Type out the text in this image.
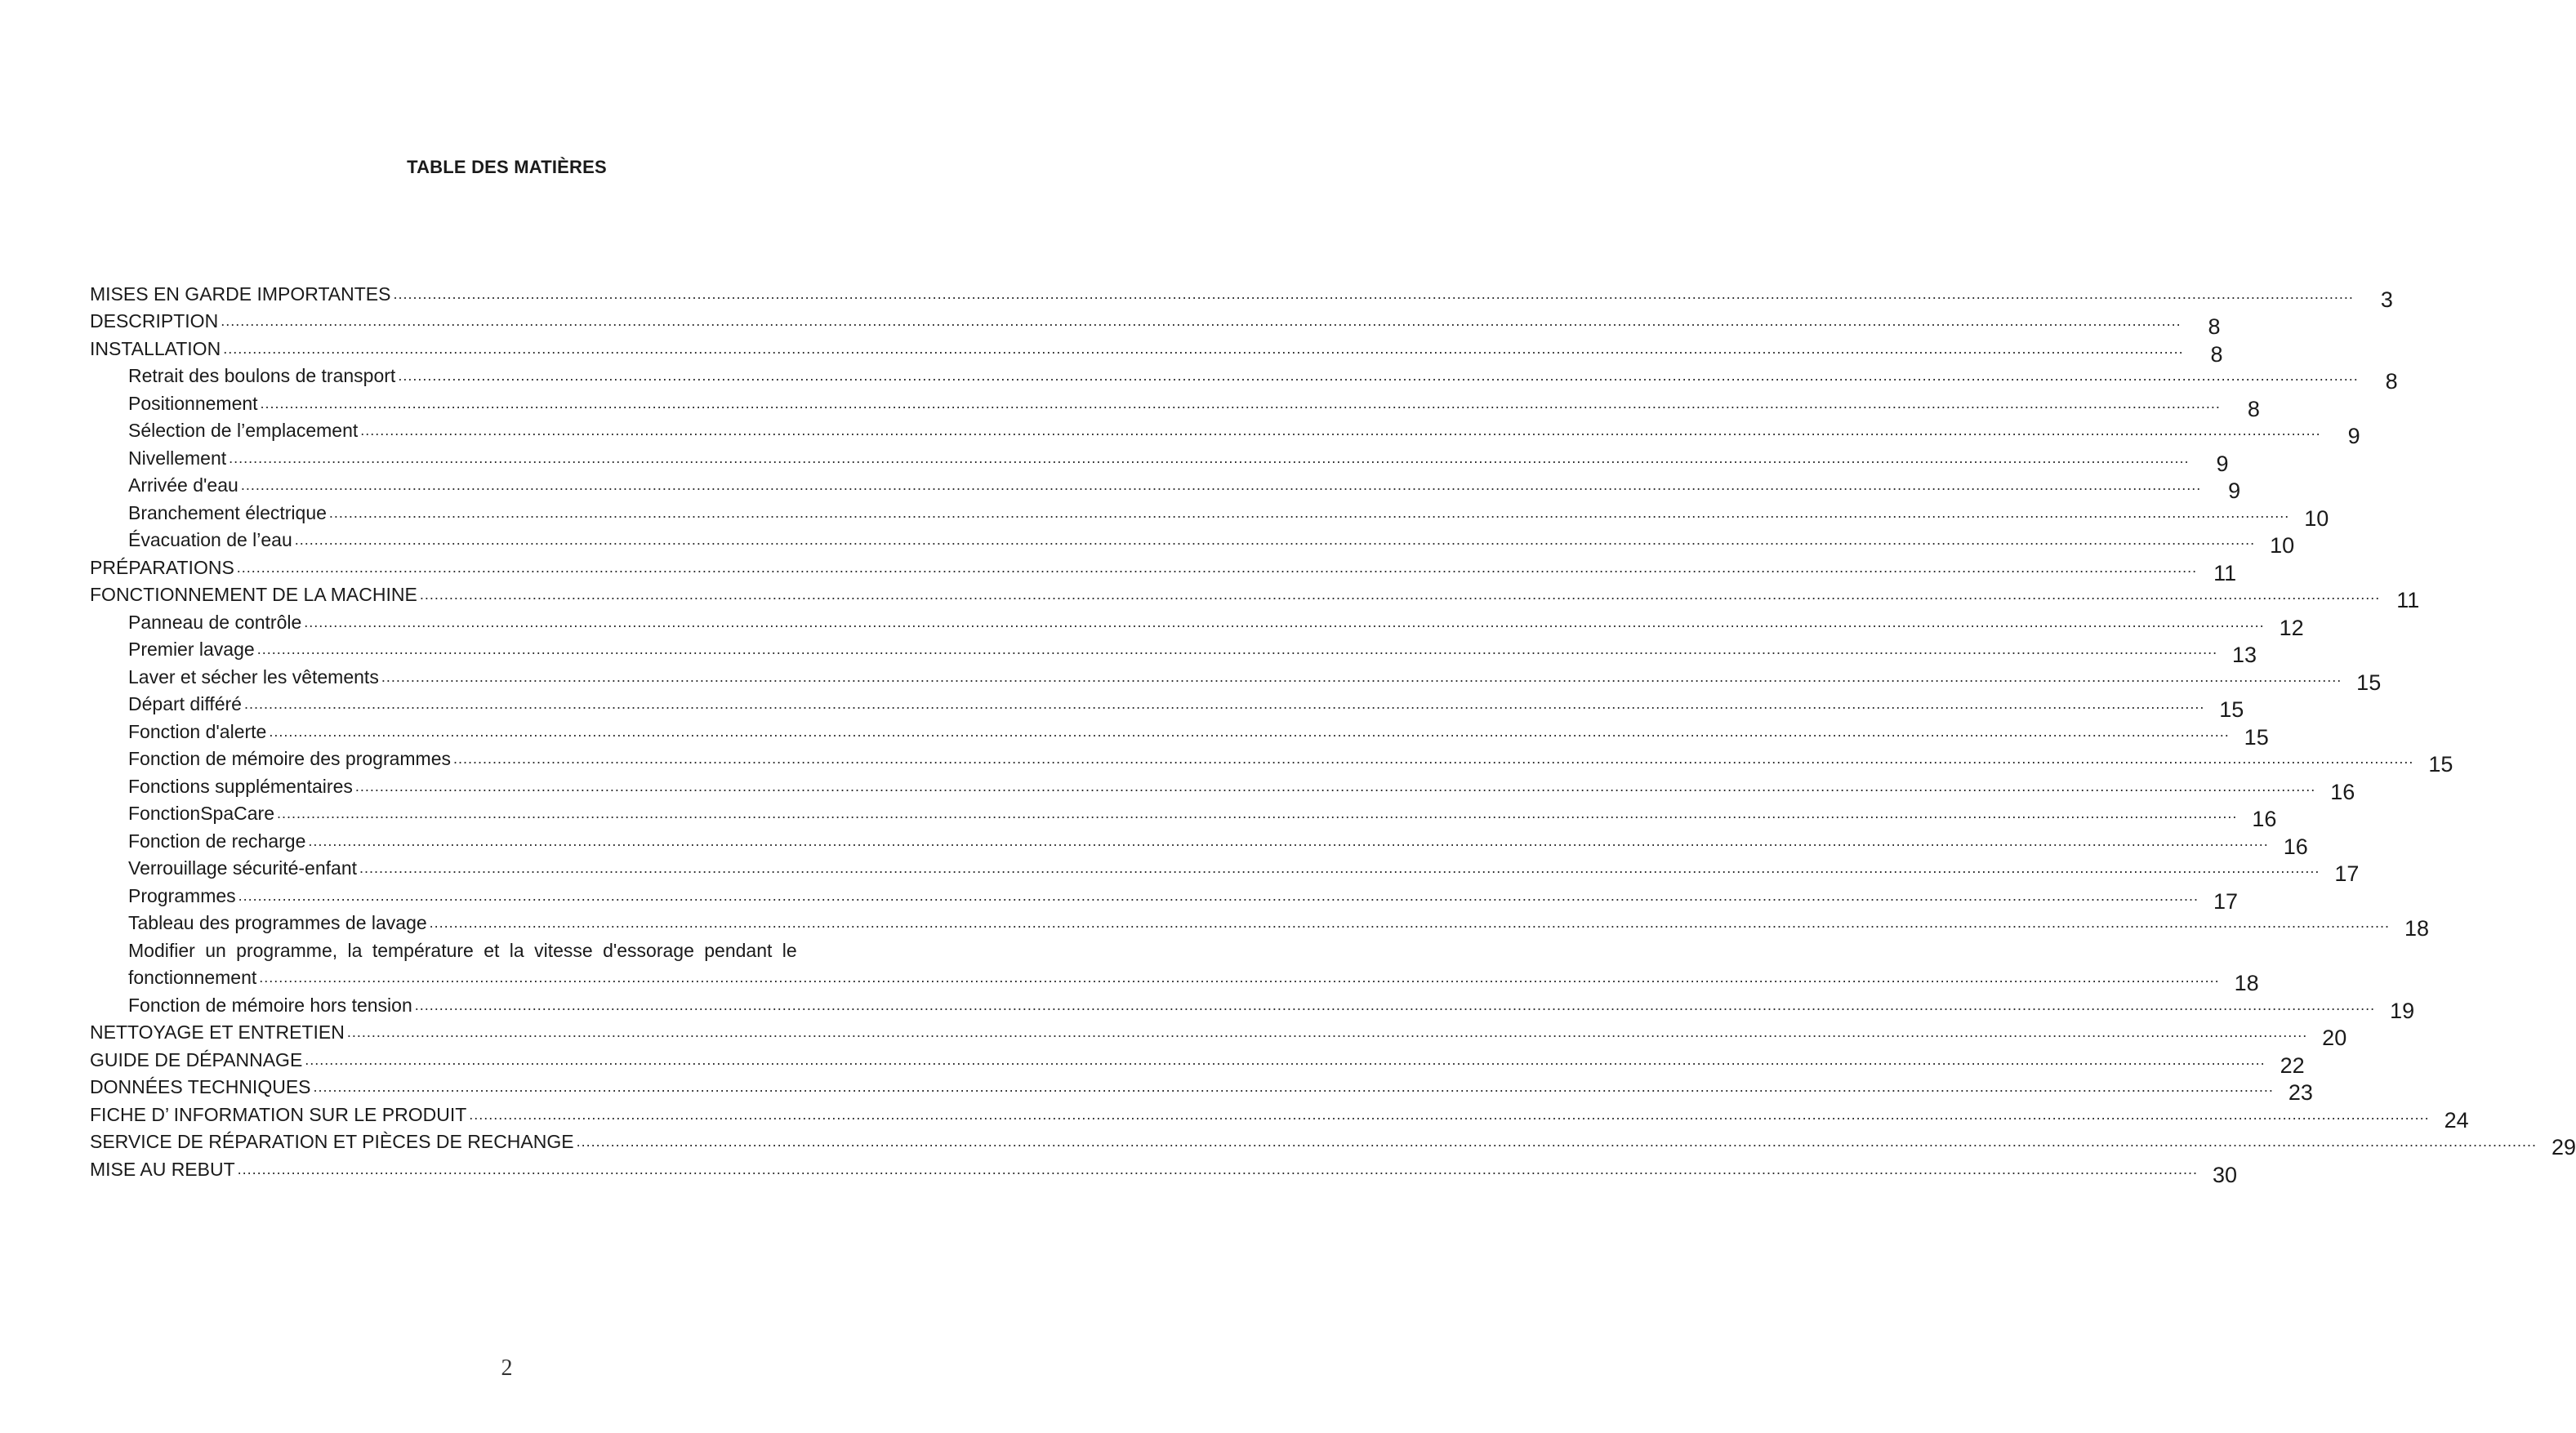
TABLE DES MATIÈRES
MISES EN GARDE IMPORTANTES ................................................................................................................................................................................................................................................................................................................................................................................................................	3
DESCRIPTION ................................................................................................................................................................................................................................................................................................................................................................................................................	8
INSTALLATION ................................................................................................................................................................................................................................................................................................................................................................................................................	8
Retrait des boulons de transport ................................................................................................................................................................................................................................................................................................................................................................................................................	8
Positionnement ................................................................................................................................................................................................................................................................................................................................................................................................................	8
Sélection de l’emplacement ................................................................................................................................................................................................................................................................................................................................................................................................................	9
Nivellement ................................................................................................................................................................................................................................................................................................................................................................................................................	9
Arrivée d'eau ................................................................................................................................................................................................................................................................................................................................................................................................................	9
Branchement électrique ................................................................................................................................................................................................................................................................................................................................................................................................................ 10
Évacuation de l’eau ................................................................................................................................................................................................................................................................................................................................................................................................................ 10
PRÉPARATIONS ................................................................................................................................................................................................................................................................................................................................................................................................................ 11
FONCTIONNEMENT DE LA MACHINE ................................................................................................................................................................................................................................................................................................................................................................................................................ 11
Panneau de contrôle ................................................................................................................................................................................................................................................................................................................................................................................................................ 12
Premier lavage ................................................................................................................................................................................................................................................................................................................................................................................................................ 13
Laver et sécher les vêtements ................................................................................................................................................................................................................................................................................................................................................................................................................ 15
Départ différé ................................................................................................................................................................................................................................................................................................................................................................................................................ 15
Fonction d'alerte ................................................................................................................................................................................................................................................................................................................................................................................................................ 15
Fonction de mémoire des programmes ................................................................................................................................................................................................................................................................................................................................................................................................................ 15
Fonctions supplémentaires ................................................................................................................................................................................................................................................................................................................................................................................................................ 16
FonctionSpaCare ................................................................................................................................................................................................................................................................................................................................................................................................................ 16
Fonction de recharge ................................................................................................................................................................................................................................................................................................................................................................................................................ 16
Verrouillage sécurité-enfant ................................................................................................................................................................................................................................................................................................................................................................................................................ 17
Programmes ................................................................................................................................................................................................................................................................................................................................................................................................................ 17
Tableau des programmes de lavage ................................................................................................................................................................................................................................................................................................................................................................................................................ 18
Modifier un programme, la température et la vitesse d'essorage pendant le
fonctionnement ................................................................................................................................................................................................................................................................................................................................................................................................................ 18
Fonction de mémoire hors tension ................................................................................................................................................................................................................................................................................................................................................................................................................ 19
NETTOYAGE ET ENTRETIEN ................................................................................................................................................................................................................................................................................................................................................................................................................ 20
GUIDE DE DÉPANNAGE ................................................................................................................................................................................................................................................................................................................................................................................................................ 22
DONNÉES TECHNIQUES ................................................................................................................................................................................................................................................................................................................................................................................................................ 23
FICHE D’ INFORMATION SUR LE PRODUIT ................................................................................................................................................................................................................................................................................................................................................................................................................ 24
SERVICE DE RÉPARATION ET PIÈCES DE RECHANGE ................................................................................................................................................................................................................................................................................................................................................................................................................ 29
MISE AU REBUT ................................................................................................................................................................................................................................................................................................................................................................................................................ 30
2
